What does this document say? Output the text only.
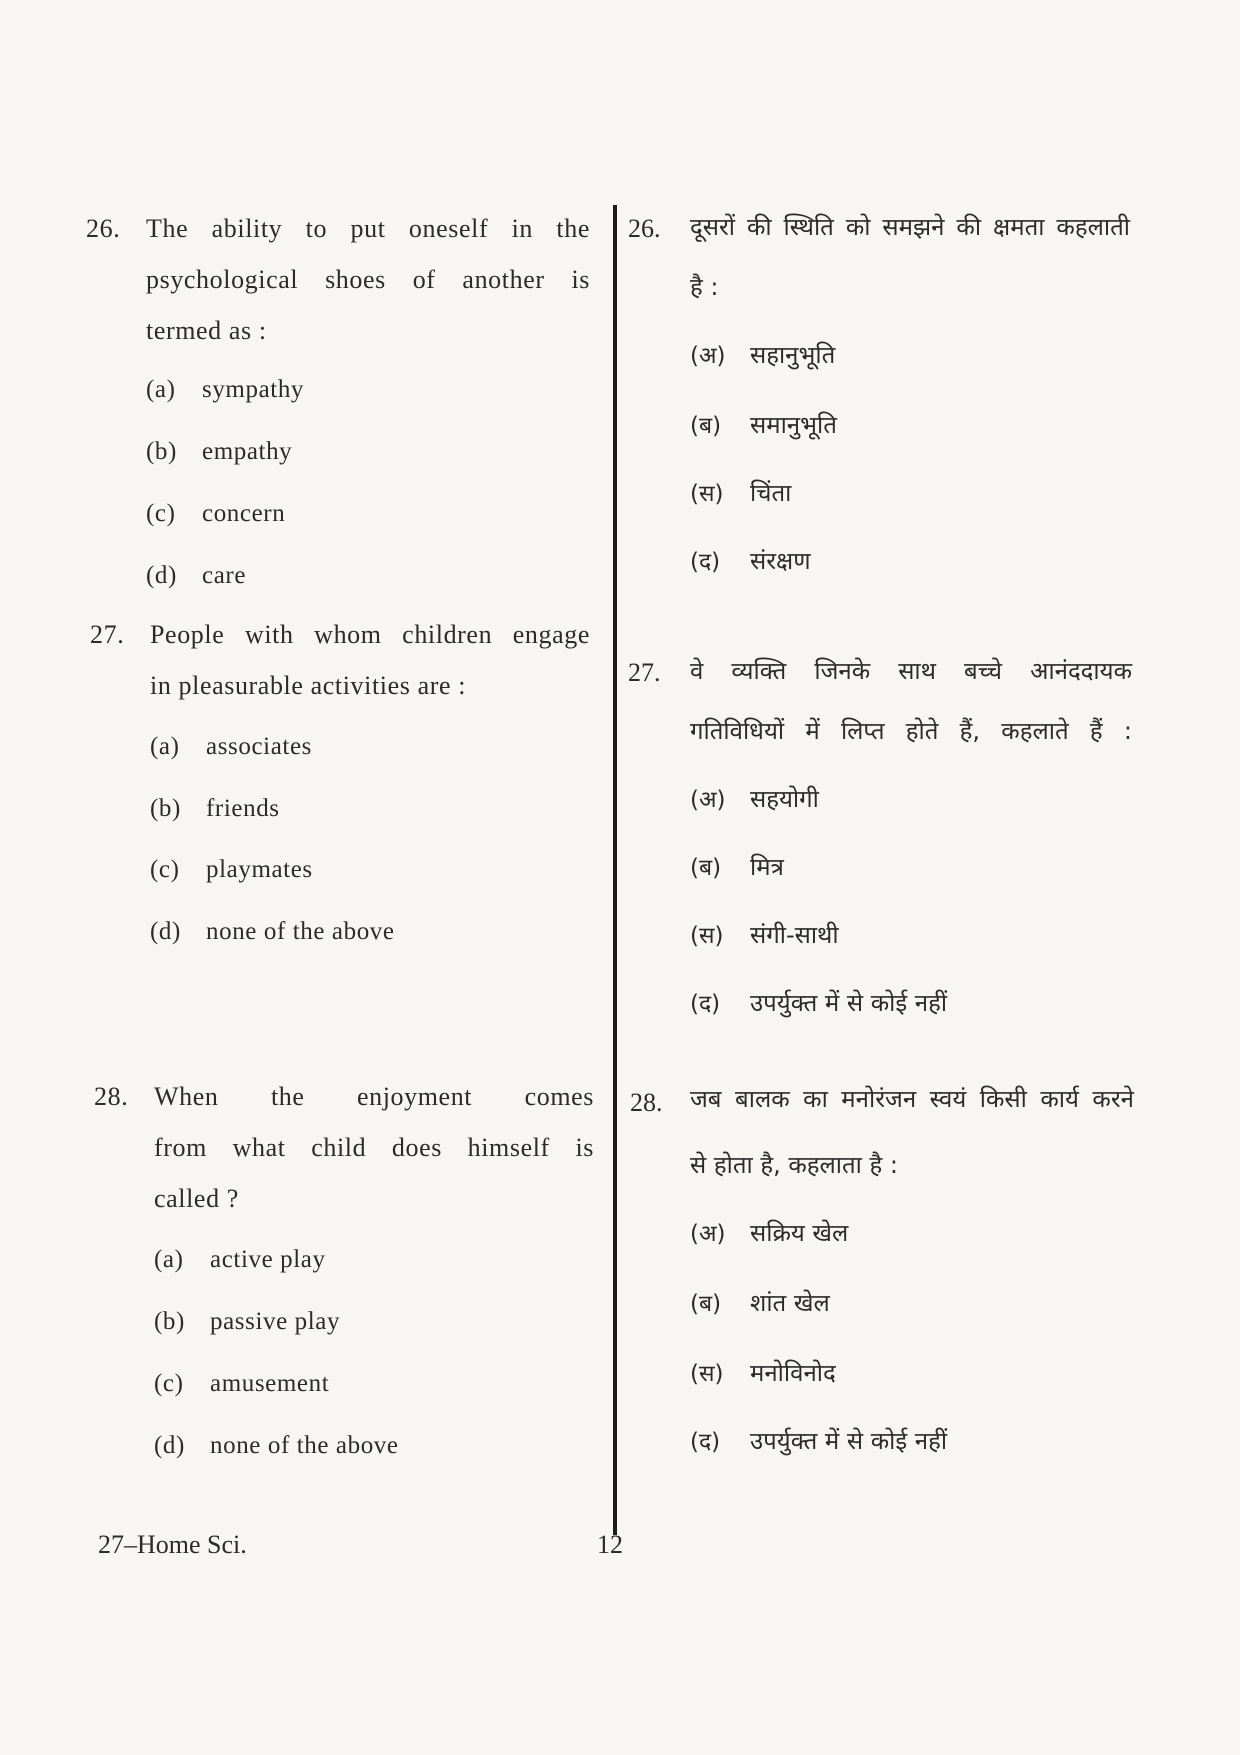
26. The ability to put oneself in the
psychological shoes of another is
termed as :
(a) sympathy
(b) empathy
(c) concern
(d) care
27. People with whom children engage
in pleasurable activities are :
(a) associates
(b) friends
(c) playmates
(d) none of the above
28. When the enjoyment comes
from what child does himself is
called ?
(a) active play
(b) passive play
(c) amusement
(d) none of the above
26. दूसरों की स्थिति को समझने की क्षमता कहलाती
है :
(अ) सहानुभूति
(ब) समानुभूति
(स) चिंता
(द) संरक्षण
27. वे व्यक्ति जिनके साथ बच्चे आनंददायक
गतिविधियों में लिप्त होते हैं, कहलाते हैं :
(अ) सहयोगी
(ब) मित्र
(स) संगी-साथी
(द) उपर्युक्त में से कोई नहीं
28. जब बालक का मनोरंजन स्वयं किसी कार्य करने
से होता है, कहलाता है :
(अ) सक्रिय खेल
(ब) शांत खेल
(स) मनोविनोद
(द) उपर्युक्त में से कोई नहीं
27–Home Sci.	12
